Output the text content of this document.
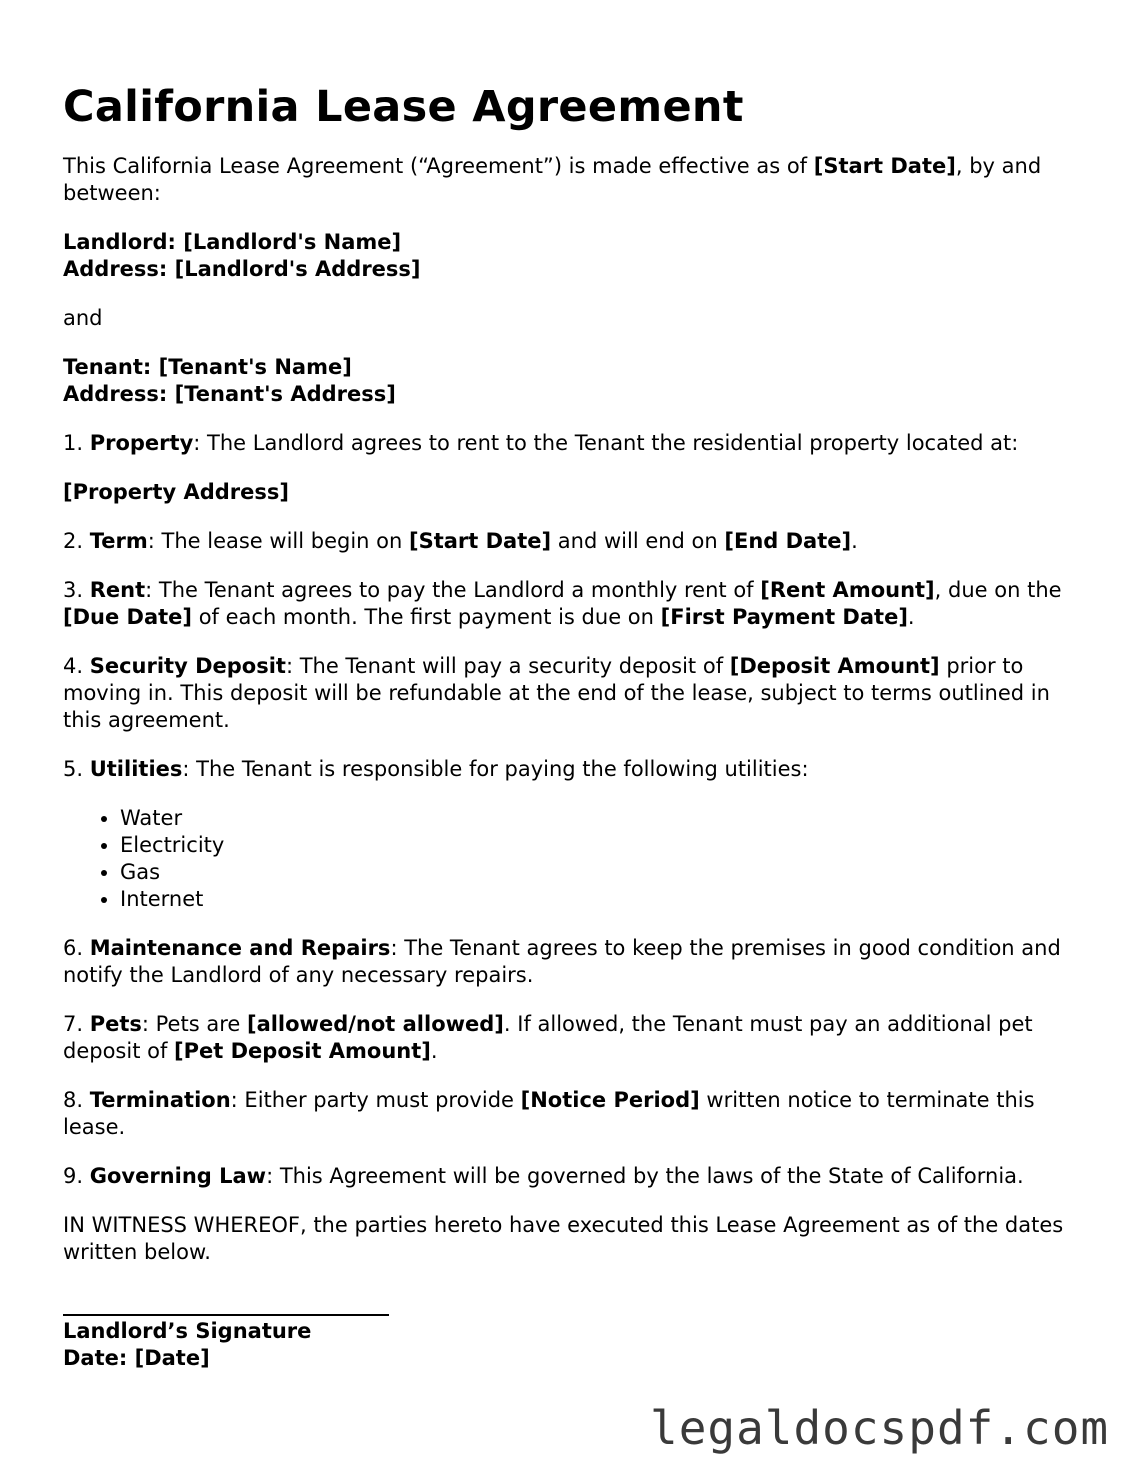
California Lease Agreement

This California Lease Agreement (“Agreement”) is made effective as of [Start Date], by and between:

Landlord: [Landlord's Name]
Address: [Landlord's Address]

and

Tenant: [Tenant's Name]
Address: [Tenant's Address]

1. Property: The Landlord agrees to rent to the Tenant the residential property located at:

[Property Address]

2. Term: The lease will begin on [Start Date] and will end on [End Date].

3. Rent: The Tenant agrees to pay the Landlord a monthly rent of [Rent Amount], due on the [Due Date] of each month. The first payment is due on [First Payment Date].

4. Security Deposit: The Tenant will pay a security deposit of [Deposit Amount] prior to moving in. This deposit will be refundable at the end of the lease, subject to terms outlined in this agreement.

5. Utilities: The Tenant is responsible for paying the following utilities:

• Water
• Electricity
• Gas
• Internet

6. Maintenance and Repairs: The Tenant agrees to keep the premises in good condition and notify the Landlord of any necessary repairs.

7. Pets: Pets are [allowed/not allowed]. If allowed, the Tenant must pay an additional pet deposit of [Pet Deposit Amount].

8. Termination: Either party must provide [Notice Period] written notice to terminate this lease.

9. Governing Law: This Agreement will be governed by the laws of the State of California.

IN WITNESS WHEREOF, the parties hereto have executed this Lease Agreement as of the dates written below.

Landlord’s Signature
Date: [Date]
legaldocspdf.com
